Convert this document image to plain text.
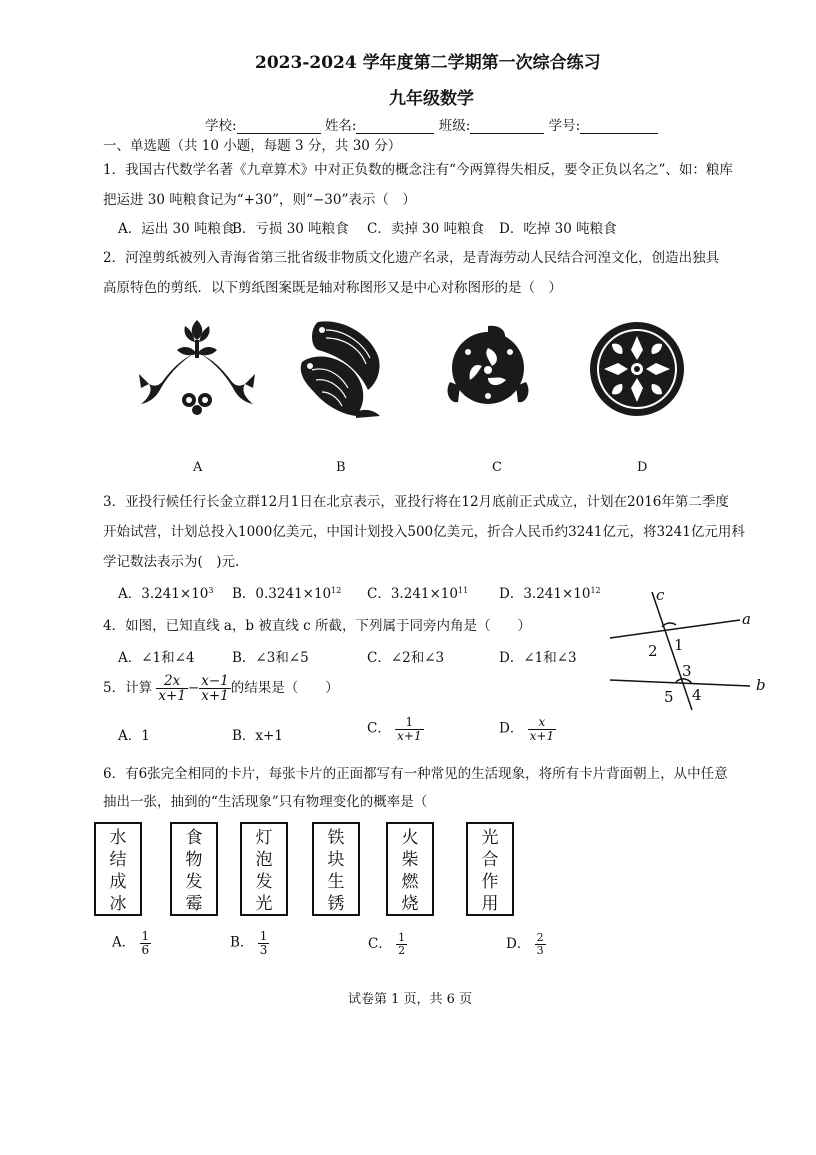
2023-2024 学年度第二学期第一次综合练习
九年级数学
学校:	姓名:	班级:	学号:
一、单选题（共 10 小题，每题 3 分，共 30 分）
1．我国古代数学名著《九章算术》中对正负数的概念注有“今两算得失相反，要令正负以名之”、如：粮库
把运进 30 吨粮食记为“+30”，则“−30”表示（　）
A．运出 30 吨粮食
B．亏损 30 吨粮食 C．卖掉 30 吨粮食 D．吃掉 30 吨粮食
2．河湟剪纸被列入青海省第三批省级非物质文化遗产名录，是青海劳动人民结合河湟文化，创造出独具
高原特色的剪纸．以下剪纸图案既是轴对称图形又是中心对称图形的是（　）
A	B	C	D
3．亚投行候任行长金立群12月1日在北京表示，亚投行将在12月底前正式成立，计划在2016年第二季度
开始试营，计划总投入1000亿美元，中国计划投入500亿美元，折合人民币约3241亿元，将3241亿元用科
学记数法表示为(　)元.
A．$3.241\times 10^3$ B．$0.3241\times 10^{12}$ C．$3.241\times 10^{11}$ D．$3.241\times 10^{12}$
4．如图，已知直线 a，b 被直线 c 所截，下列属于同旁内角是（　　）
A．∠1和∠4	B．∠3和∠5	C．∠2和∠3	D．∠1和∠3
c
a
b
2 1
3
5 4
5．计算 $\frac{2x}{x+1} - \frac{x-1}{x+1}$ 的结果是（　　）
A．1	B．x+1	C． $\frac{1}{x+1}$	D． $\frac{x}{x+1}$
6．有6张完全相同的卡片，每张卡片的正面都写有一种常见的生活现象，将所有卡片背面朝上，从中任意
抽出一张，抽到的“生活现象”只有物理变化的概率是（
水结成冰
食物发霉
灯泡发光
铁块生锈
火柴燃烧
光合作用
A． $\frac{1}{6}$	B． $\frac{1}{3}$	C． $\frac{1}{2}$	D． $\frac{2}{3}$
试卷第 1 页，共 6 页
